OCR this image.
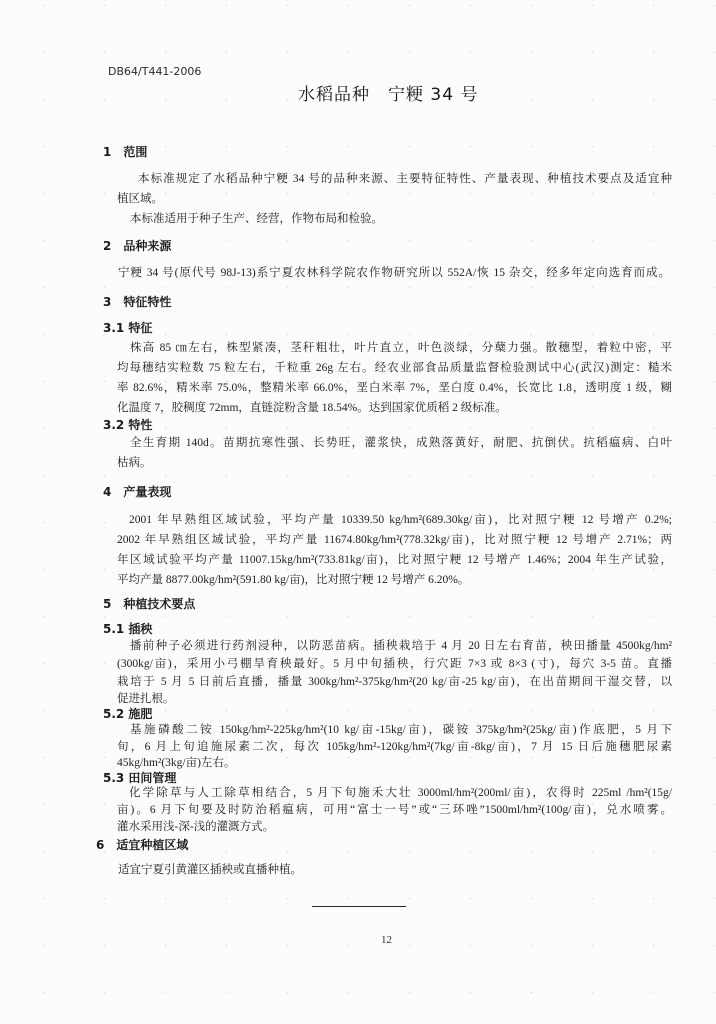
DB64/T441-2006
水稻品种　宁粳 34 号
1　范围
本标准规定了水稻品种宁粳 34 号的品种来源、主要特征特性、产量表现、种植技术要点及适宜种
植区域。
本标准适用于种子生产、经营，作物布局和检验。
2　品种来源
宁粳 34 号(原代号 98J-13)系宁夏农林科学院农作物研究所以 552A/恢 15 杂交，经多年定向选育而成。
3　特征特性
3.1 特征
株高 85 ㎝左右，株型紧凑，茎秆粗壮，叶片直立，叶色淡绿，分蘖力强。散穗型，着粒中密，平
均每穗结实粒数 75 粒左右，千粒重 26g 左右。经农业部食品质量监督检验测试中心(武汉)测定：糙米
率 82.6%，精米率 75.0%，整精米率 66.0%，垩白米率 7%，垩白度 0.4%，长宽比 1.8，透明度 1 级，糊
化温度 7，胶稠度 72mm，直链淀粉含量 18.54%。达到国家优质稻 2 级标准。
3.2 特性
全生育期 140d。苗期抗寒性强、长势旺，灌浆快，成熟落黄好，耐肥、抗倒伏。抗稻瘟病、白叶
枯病。
4　产量表现
2001 年早熟组区域试验，平均产量 10339.50 kg/hm²(689.30kg/亩)，比对照宁粳 12 号增产 0.2%;
2002 年早熟组区域试验，平均产量 11674.80kg/hm²(778.32kg/亩)，比对照宁粳 12 号增产 2.71%；两
年区域试验平均产量 11007.15kg/hm²(733.81kg/亩)，比对照宁粳 12 号增产 1.46%；2004 年生产试验，
平均产量 8877.00kg/hm²(591.80 kg/亩)，比对照宁粳 12 号增产 6.20%。
5　种植技术要点
5.1 插秧
播前种子必须进行药剂浸种，以防恶苗病。插秧栽培于 4 月 20 日左右育苗，秧田播量 4500kg/hm²
(300kg/亩)，采用小弓棚旱育秧最好。5 月中旬插秧，行穴距 7×3 或 8×3 (寸)，每穴 3-5 苗。直播
栽培于 5 月 5 日前后直播，播量 300kg/hm²-375kg/hm²(20 kg/亩-25 kg/亩)，在出苗期间干湿交替，以
促进扎根。
5.2 施肥
基施磷酸二铵 150kg/hm²-225kg/hm²(10 kg/亩-15kg/亩)，碳铵 375kg/hm²(25kg/亩)作底肥，5 月下
旬，6 月上旬追施尿素二次，每次 105kg/hm²-120kg/hm²(7kg/亩-8kg/亩)，7 月 15 日后施穗肥尿素
45kg/hm²(3kg/亩)左右。
5.3 田间管理
化学除草与人工除草相结合，5 月下旬施禾大壮 3000ml/hm²(200ml/亩)，农得时 225ml /hm²(15g/
亩)。6 月下旬要及时防治稻瘟病，可用“富士一号”或“三环唑”1500ml/hm²(100g/亩)，兑水喷雾。
灌水采用浅-深-浅的灌溉方式。
6　适宜种植区域
适宜宁夏引黄灌区插秧或直播种植。
12
